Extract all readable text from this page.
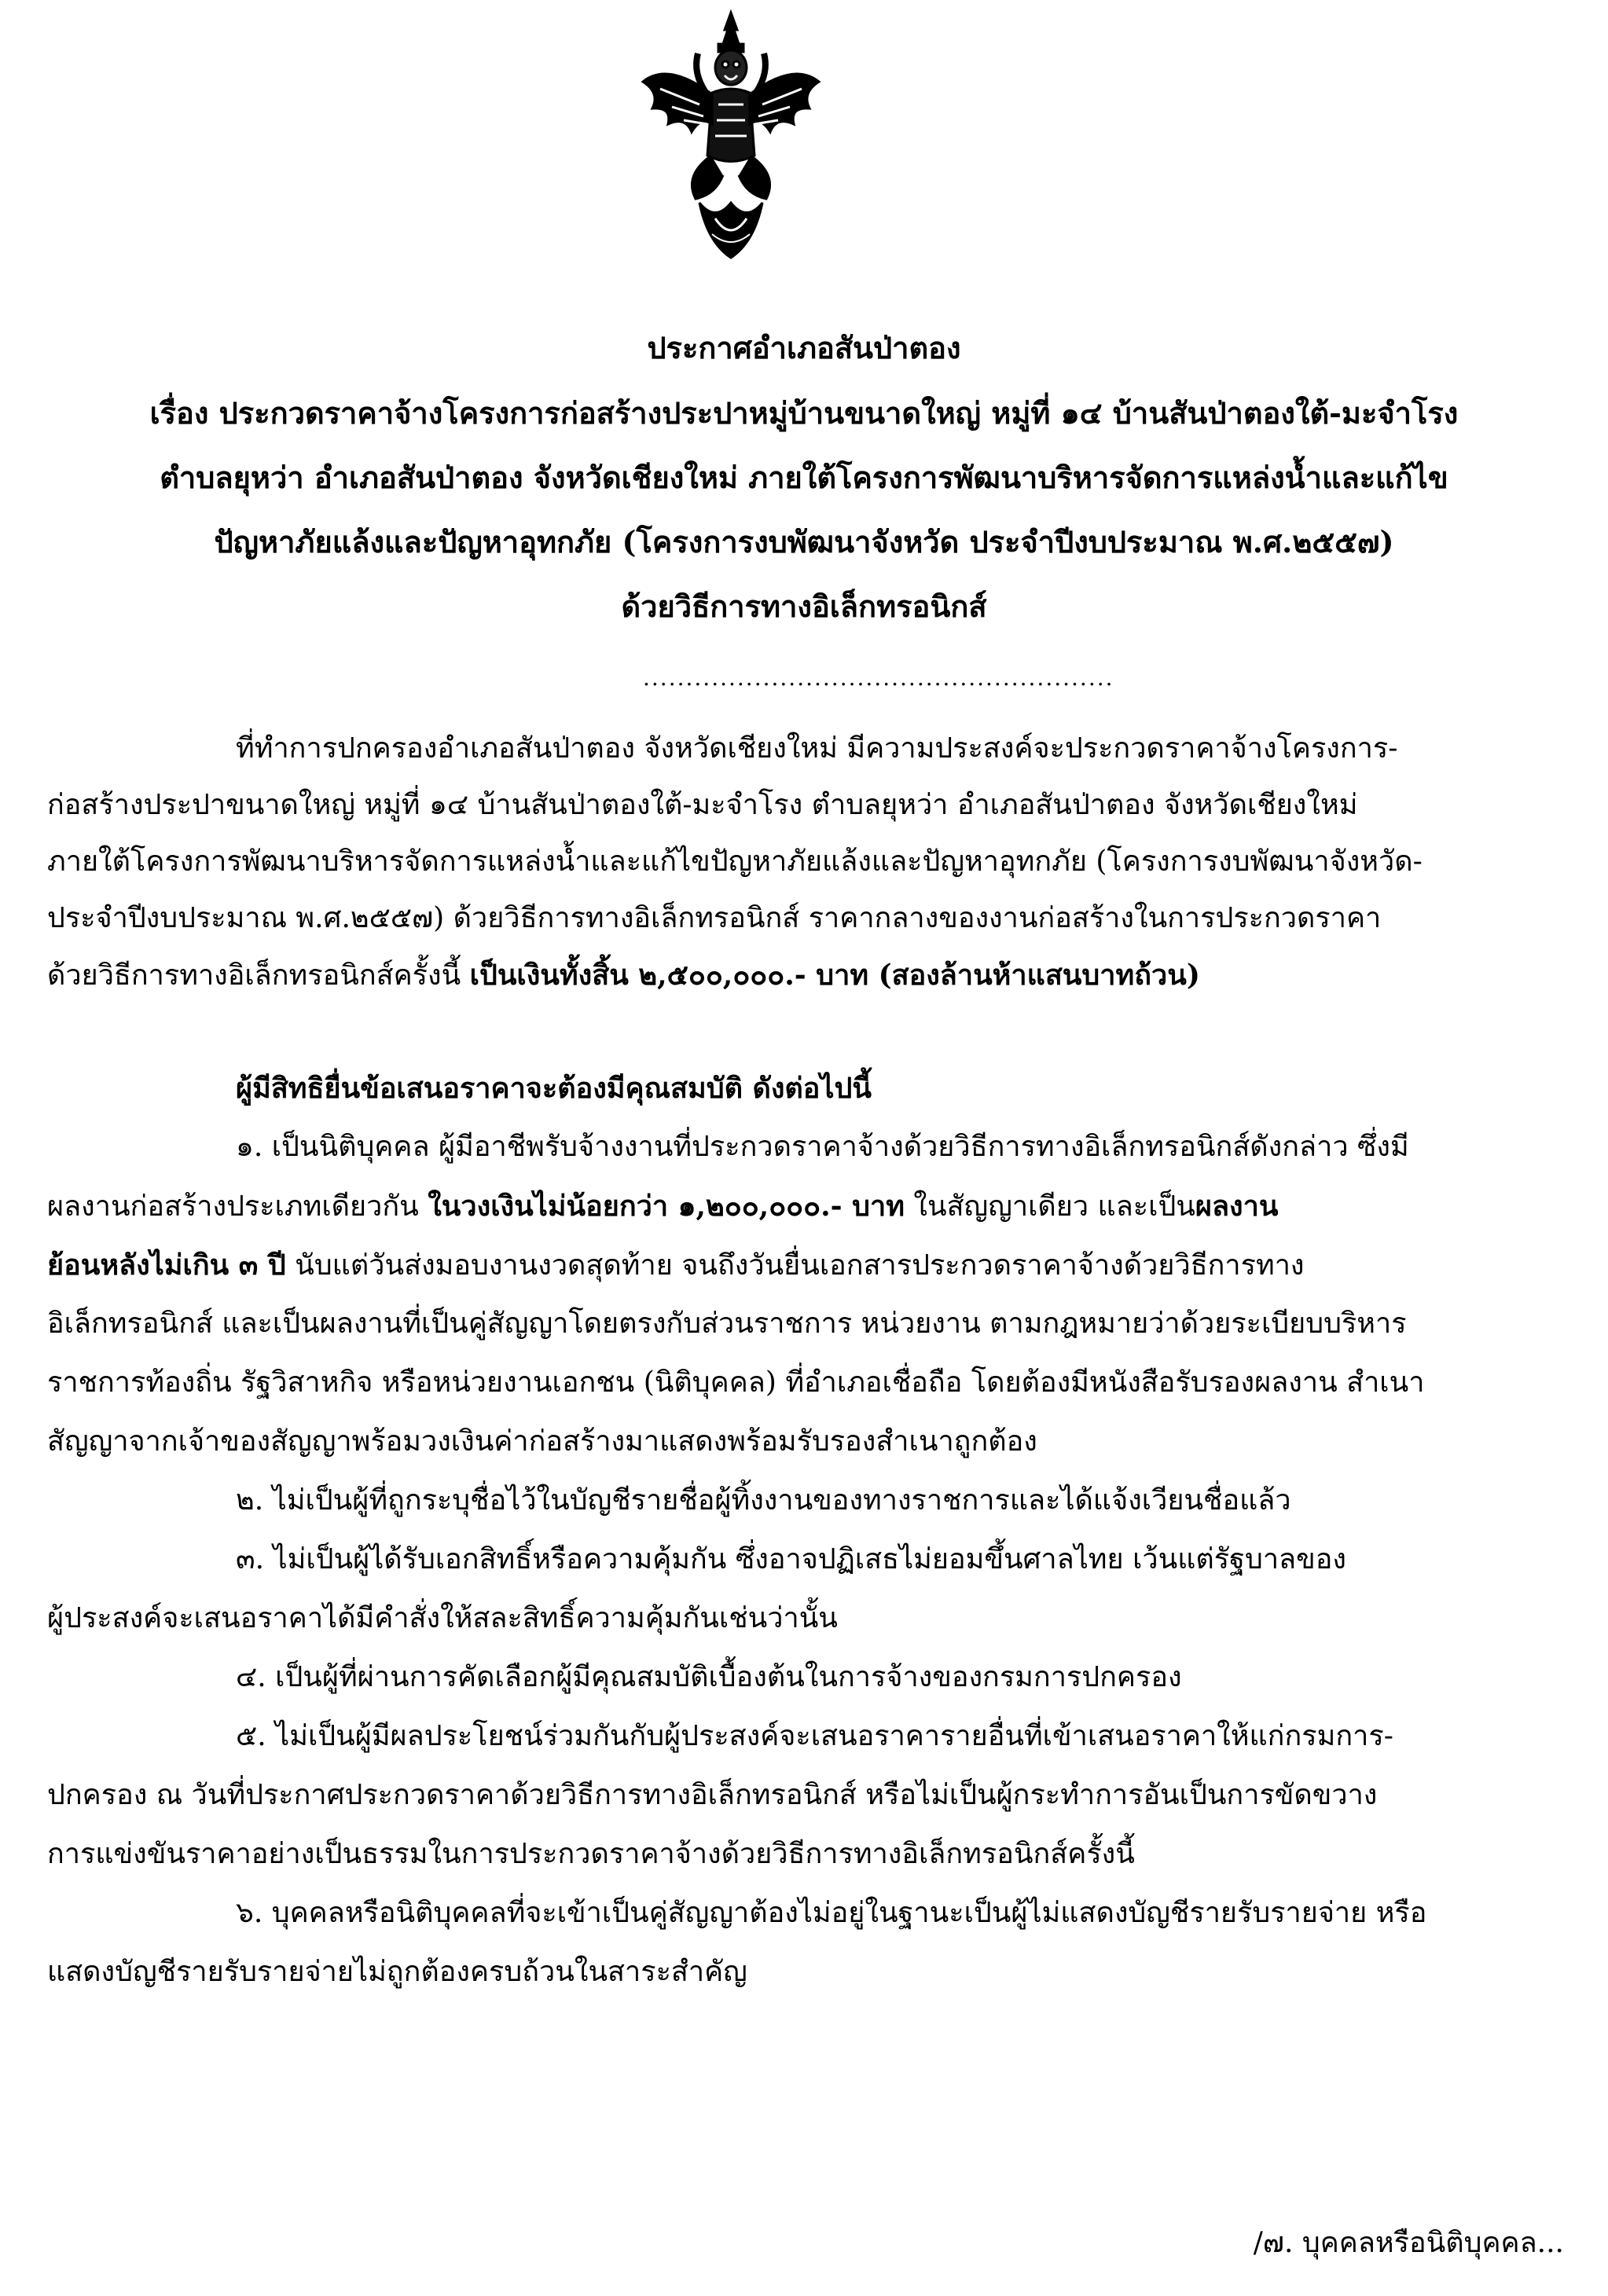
ประกาศอำเภอสันป่าตอง
เรื่อง ประกวดราคาจ้างโครงการก่อสร้างประปาหมู่บ้านขนาดใหญ่ หมู่ที่ ๑๔ บ้านสันป่าตองใต้-มะจำโรง
ตำบลยุหว่า อำเภอสันป่าตอง จังหวัดเชียงใหม่ ภายใต้โครงการพัฒนาบริหารจัดการแหล่งน้ำและแก้ไข
ปัญหาภัยแล้งและปัญหาอุทกภัย (โครงการงบพัฒนาจังหวัด ประจำปีงบประมาณ พ.ศ.๒๕๕๗)
ด้วยวิธีการทางอิเล็กทรอนิกส์
.......................................................
ที่ทำการปกครองอำเภอสันป่าตอง จังหวัดเชียงใหม่ มีความประสงค์จะประกวดราคาจ้างโครงการ-
ก่อสร้างประปาขนาดใหญ่ หมู่ที่ ๑๔ บ้านสันป่าตองใต้-มะจำโรง ตำบลยุหว่า อำเภอสันป่าตอง จังหวัดเชียงใหม่
ภายใต้โครงการพัฒนาบริหารจัดการแหล่งน้ำและแก้ไขปัญหาภัยแล้งและปัญหาอุทกภัย (โครงการงบพัฒนาจังหวัด-
ประจำปีงบประมาณ พ.ศ.๒๕๕๗) ด้วยวิธีการทางอิเล็กทรอนิกส์ ราคากลางของงานก่อสร้างในการประกวดราคา
ด้วยวิธีการทางอิเล็กทรอนิกส์ครั้งนี้ เป็นเงินทั้งสิ้น ๒,๕๐๐,๐๐๐.- บาท (สองล้านห้าแสนบาทถ้วน)
ผู้มีสิทธิยื่นข้อเสนอราคาจะต้องมีคุณสมบัติ ดังต่อไปนี้
๑. เป็นนิติบุคคล ผู้มีอาชีพรับจ้างงานที่ประกวดราคาจ้างด้วยวิธีการทางอิเล็กทรอนิกส์ดังกล่าว ซึ่งมี
ผลงานก่อสร้างประเภทเดียวกัน ในวงเงินไม่น้อยกว่า ๑,๒๐๐,๐๐๐.- บาท ในสัญญาเดียว และเป็นผลงาน
ย้อนหลังไม่เกิน ๓ ปี นับแต่วันส่งมอบงานงวดสุดท้าย จนถึงวันยื่นเอกสารประกวดราคาจ้างด้วยวิธีการทาง
อิเล็กทรอนิกส์ และเป็นผลงานที่เป็นคู่สัญญาโดยตรงกับส่วนราชการ หน่วยงาน ตามกฎหมายว่าด้วยระเบียบบริหาร
ราชการท้องถิ่น รัฐวิสาหกิจ หรือหน่วยงานเอกชน (นิติบุคคล) ที่อำเภอเชื่อถือ โดยต้องมีหนังสือรับรองผลงาน สำเนา
สัญญาจากเจ้าของสัญญาพร้อมวงเงินค่าก่อสร้างมาแสดงพร้อมรับรองสำเนาถูกต้อง
๒. ไม่เป็นผู้ที่ถูกระบุชื่อไว้ในบัญชีรายชื่อผู้ทิ้งงานของทางราชการและได้แจ้งเวียนชื่อแล้ว
๓. ไม่เป็นผู้ได้รับเอกสิทธิ์หรือความคุ้มกัน ซึ่งอาจปฏิเสธไม่ยอมขึ้นศาลไทย เว้นแต่รัฐบาลของ
ผู้ประสงค์จะเสนอราคาได้มีคำสั่งให้สละสิทธิ์ความคุ้มกันเช่นว่านั้น
๔. เป็นผู้ที่ผ่านการคัดเลือกผู้มีคุณสมบัติเบื้องต้นในการจ้างของกรมการปกครอง
๕. ไม่เป็นผู้มีผลประโยชน์ร่วมกันกับผู้ประสงค์จะเสนอราคารายอื่นที่เข้าเสนอราคาให้แก่กรมการ-
ปกครอง ณ วันที่ประกาศประกวดราคาด้วยวิธีการทางอิเล็กทรอนิกส์ หรือไม่เป็นผู้กระทำการอันเป็นการขัดขวาง
การแข่งขันราคาอย่างเป็นธรรมในการประกวดราคาจ้างด้วยวิธีการทางอิเล็กทรอนิกส์ครั้งนี้
๖. บุคคลหรือนิติบุคคลที่จะเข้าเป็นคู่สัญญาต้องไม่อยู่ในฐานะเป็นผู้ไม่แสดงบัญชีรายรับรายจ่าย หรือ
แสดงบัญชีรายรับรายจ่ายไม่ถูกต้องครบถ้วนในสาระสำคัญ
/๗. บุคคลหรือนิติบุคคล...
